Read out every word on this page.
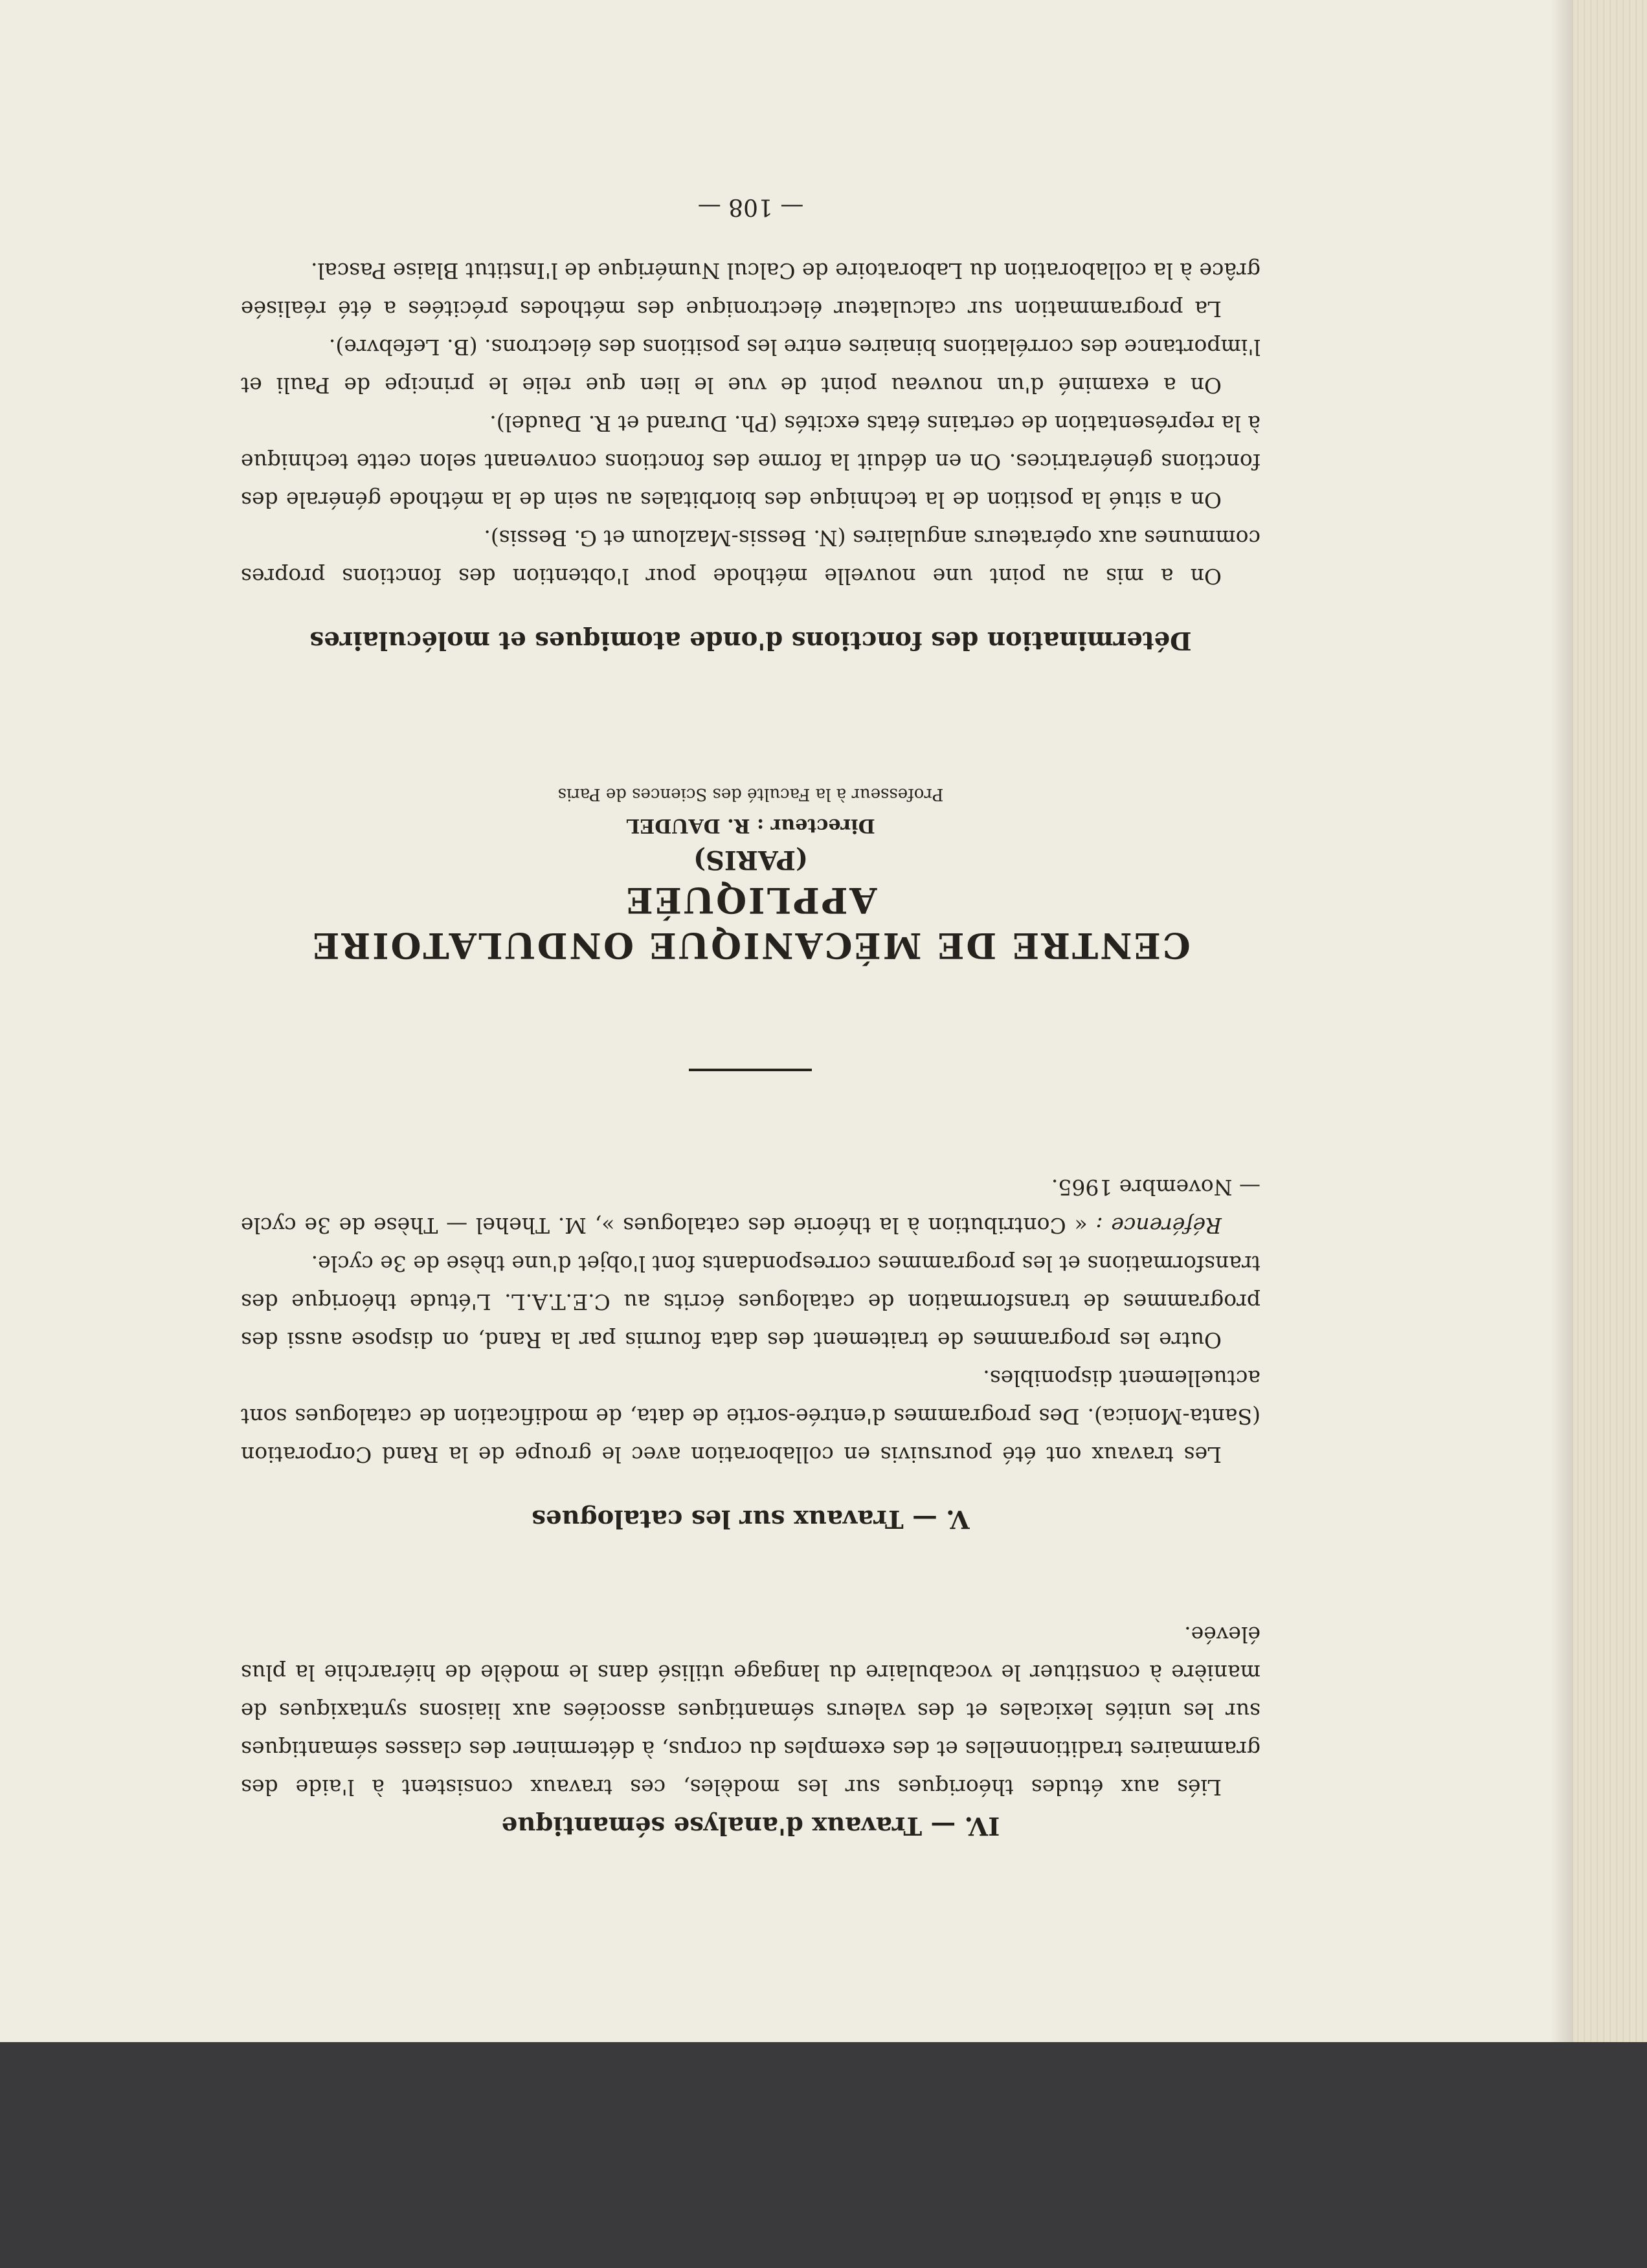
IV. — Travaux d'analyse sémantique

Liés aux études théoriques sur les modèles, ces travaux consistent à l'aide des grammaires traditionnelles et des exemples du corpus, à déterminer des classes sémantiques sur les unités lexicales et des valeurs sémantiques associées aux liaisons syntaxiques de manière à constituer le vocabulaire du langage utilisé dans le modèle de hiérarchie la plus élevée.

V. — Travaux sur les catalogues

Les travaux ont été poursuivis en collaboration avec le groupe de la Rand Corporation (Santa-Monica). Des programmes d'entrée-sortie de data, de modification de catalogues sont actuellement disponibles.

Outre les programmes de traitement des data fournis par la Rand, on dispose aussi des programmes de transformation de catalogues écrits au C.E.T.A.L. L'étude théorique des transformations et les programmes correspondants font l'objet d'une thèse de 3e cycle.

Référence : « Contribution à la théorie des catalogues », M. Thehel — Thèse de 3e cycle — Novembre 1965.

CENTRE DE MÉCANIQUE ONDULATOIRE APPLIQUÉE
(PARIS)
Directeur : R. DAUDEL
Professeur à la Faculté des Sciences de Paris
Détermination des fonctions d'onde atomiques et moléculaires

On a mis au point une nouvelle méthode pour l'obtention des fonctions propres communes aux opérateurs angulaires (N. Bessis-Mazloum et G. Bessis).

On a situé la position de la technique des biorbitales au sein de la méthode générale des fonctions génératrices. On en déduit la forme des fonctions convenant selon cette technique à la représentation de certains états excités (Ph. Durand et R. Daudel).

On a examiné d'un nouveau point de vue le lien que relie le principe de Pauli et l'importance des corrélations binaires entre les positions des électrons. (B. Lefebvre).

La programmation sur calculateur électronique des méthodes précitées a été réalisée grâce à la collaboration du Laboratoire de Calcul Numérique de l'Institut Blaise Pascal.

— 108 —
